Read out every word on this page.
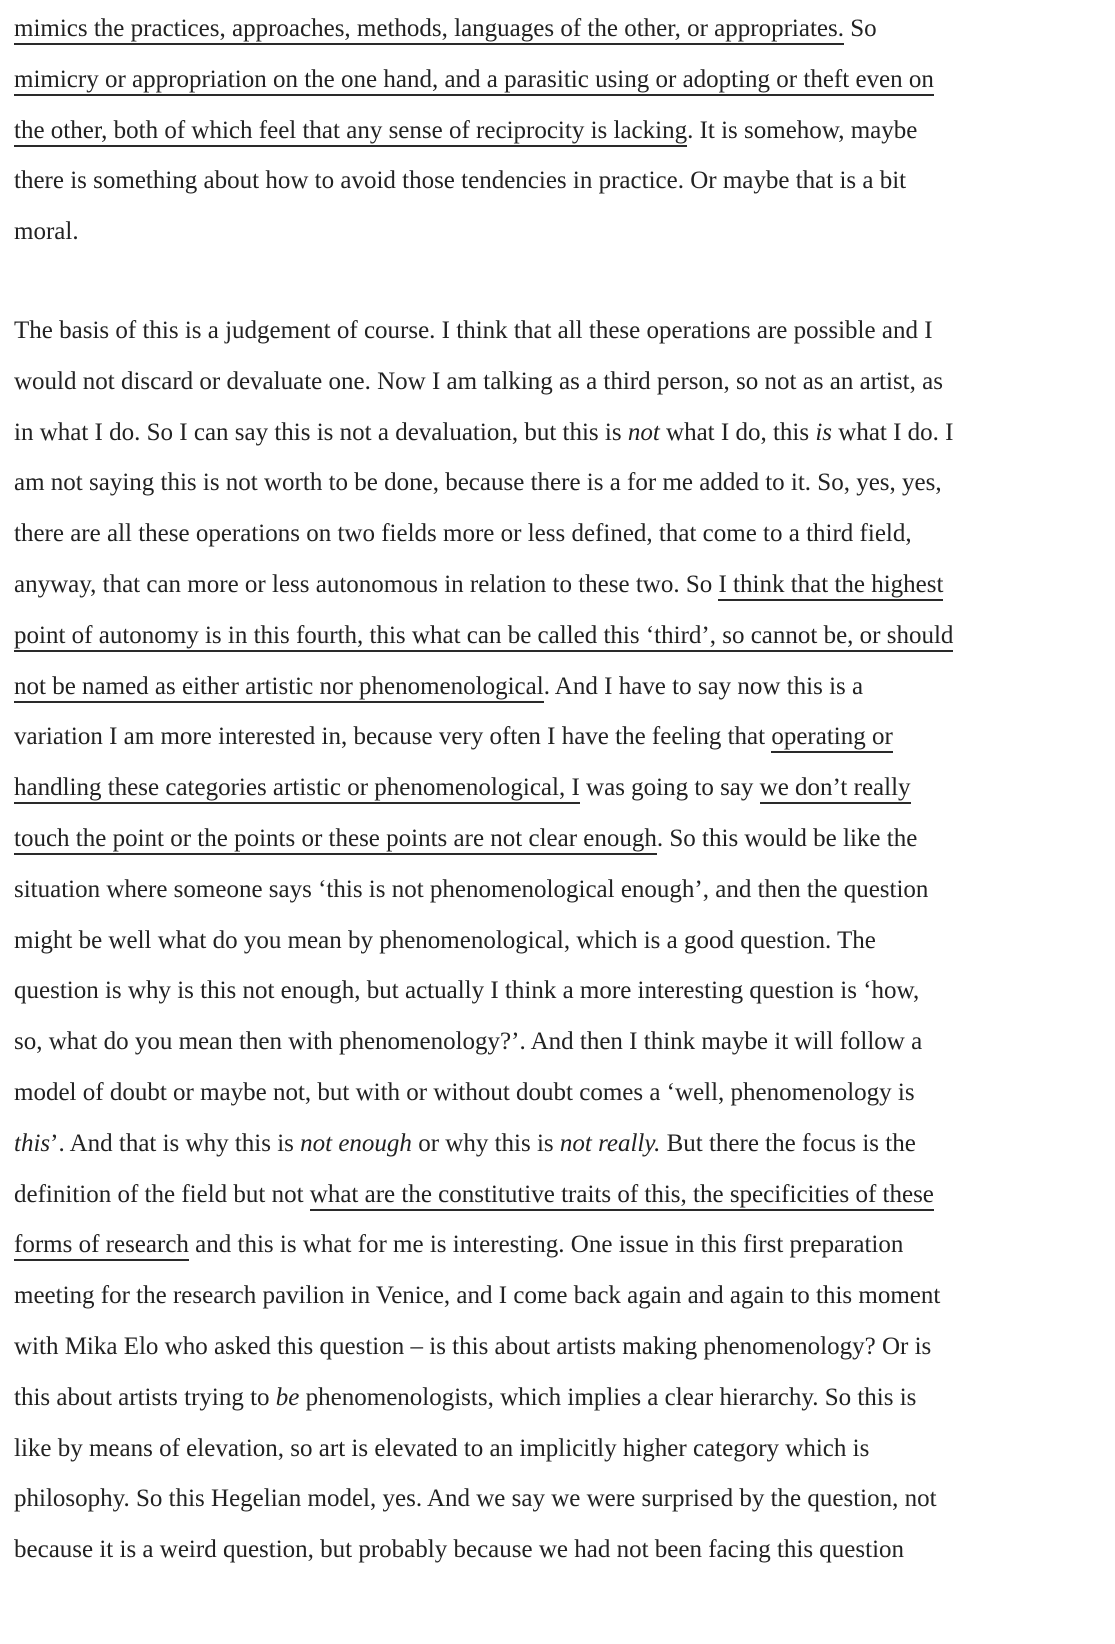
mimics the practices, approaches, methods, languages of the other, or appropriates. So
mimicry or appropriation on the one hand, and a parasitic using or adopting or theft even on
the other, both of which feel that any sense of reciprocity is lacking. It is somehow, maybe
there is something about how to avoid those tendencies in practice. Or maybe that is a bit
moral.

The basis of this is a judgement of course. I think that all these operations are possible and I
would not discard or devaluate one. Now I am talking as a third person, so not as an artist, as
in what I do. So I can say this is not a devaluation, but this is not what I do, this is what I do. I
am not saying this is not worth to be done, because there is a for me added to it. So, yes, yes,
there are all these operations on two fields more or less defined, that come to a third field,
anyway, that can more or less autonomous in relation to these two. So I think that the highest
point of autonomy is in this fourth, this what can be called this ‘third’, so cannot be, or should
not be named as either artistic nor phenomenological. And I have to say now this is a
variation I am more interested in, because very often I have the feeling that operating or
handling these categories artistic or phenomenological, I was going to say we don’t really
touch the point or the points or these points are not clear enough. So this would be like the
situation where someone says ‘this is not phenomenological enough’, and then the question
might be well what do you mean by phenomenological, which is a good question. The
question is why is this not enough, but actually I think a more interesting question is ‘how,
so, what do you mean then with phenomenology?’. And then I think maybe it will follow a
model of doubt or maybe not, but with or without doubt comes a ‘well, phenomenology is
this’. And that is why this is not enough or why this is not really. But there the focus is the
definition of the field but not what are the constitutive traits of this, the specificities of these
forms of research and this is what for me is interesting. One issue in this first preparation
meeting for the research pavilion in Venice, and I come back again and again to this moment
with Mika Elo who asked this question – is this about artists making phenomenology? Or is
this about artists trying to be phenomenologists, which implies a clear hierarchy. So this is
like by means of elevation, so art is elevated to an implicitly higher category which is
philosophy. So this Hegelian model, yes. And we say we were surprised by the question, not
because it is a weird question, but probably because we had not been facing this question
